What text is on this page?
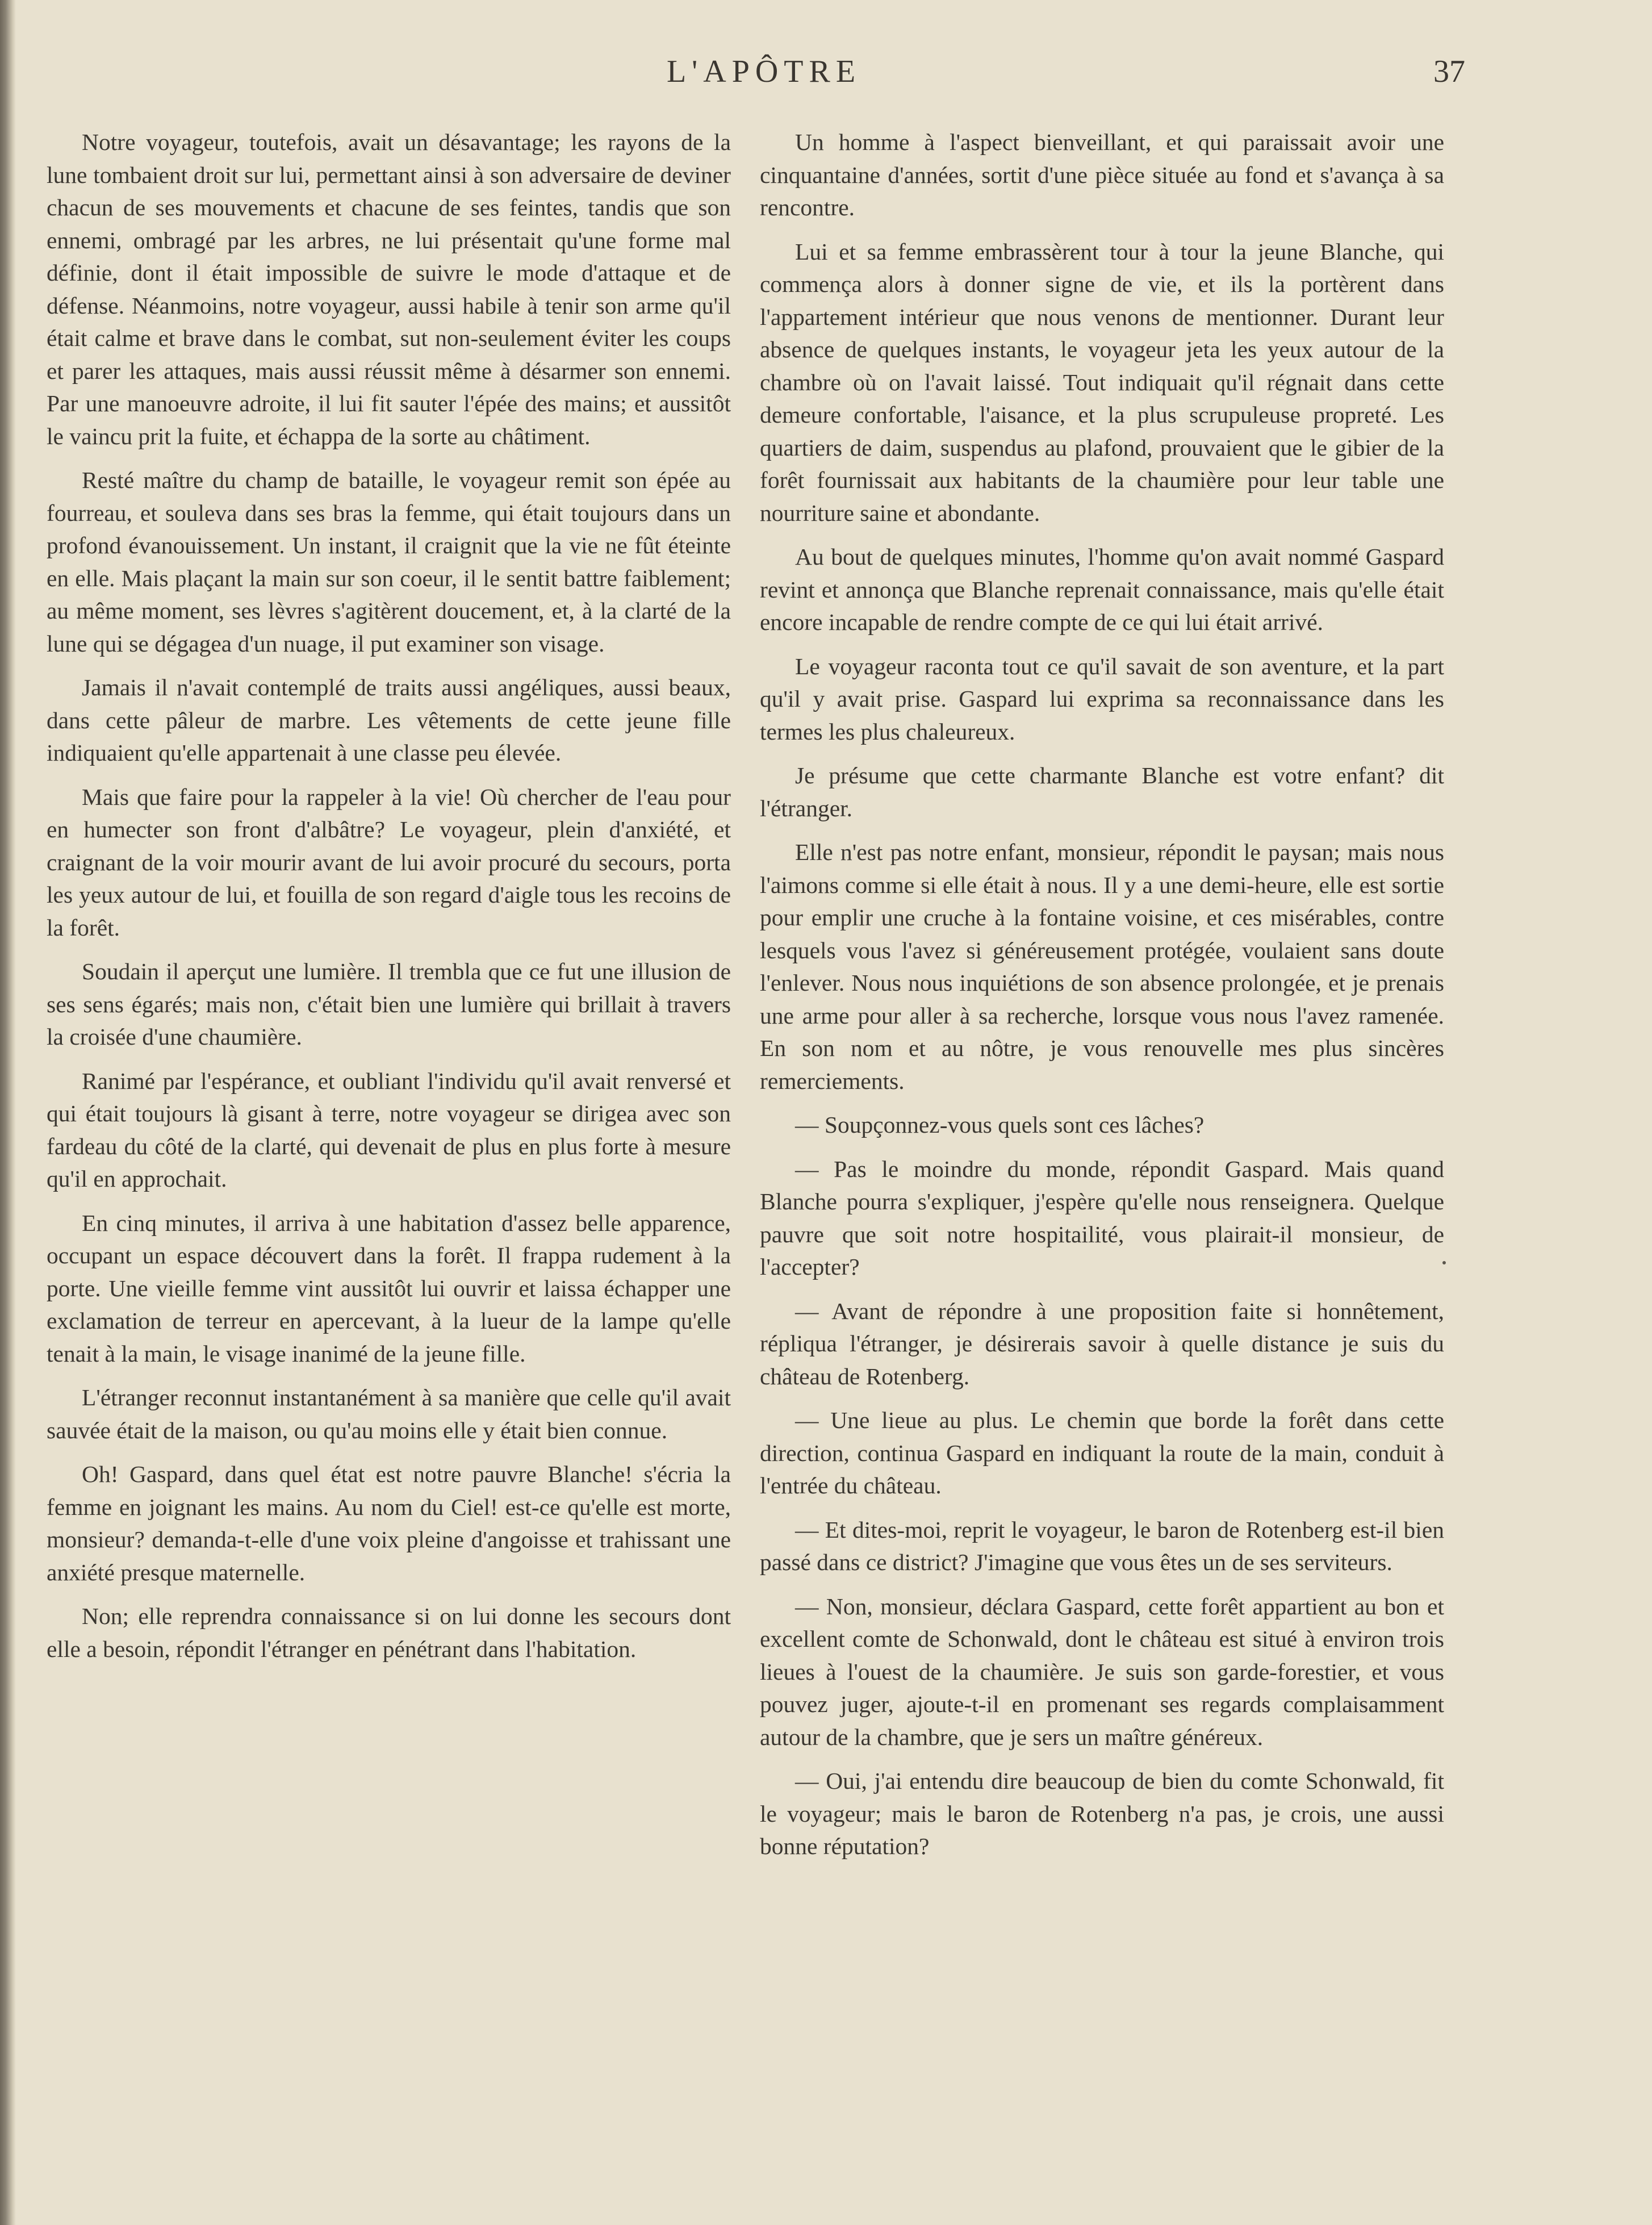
L'APÔTRE	37

Notre voyageur, toutefois, avait un désavantage; les rayons de la lune tombaient droit sur lui, permettant ainsi à son adversaire de deviner chacun de ses mouvements et chacune de ses feintes, tandis que son ennemi, ombragé par les arbres, ne lui présentait qu'une forme mal définie, dont il était impossible de suivre le mode d'attaque et de défense. Néanmoins, notre voyageur, aussi habile à tenir son arme qu'il était calme et brave dans le combat, sut non-seulement éviter les coups et parer les attaques, mais aussi réussit même à désarmer son ennemi. Par une manoeuvre adroite, il lui fit sauter l'épée des mains; et aussitôt le vaincu prit la fuite, et échappa de la sorte au châtiment.

Resté maître du champ de bataille, le voyageur remit son épée au fourreau, et souleva dans ses bras la femme, qui était toujours dans un profond évanouissement. Un instant, il craignit que la vie ne fût éteinte en elle. Mais plaçant la main sur son coeur, il le sentit battre faiblement; au même moment, ses lèvres s'agitèrent doucement, et, à la clarté de la lune qui se dégagea d'un nuage, il put examiner son visage.

Jamais il n'avait contemplé de traits aussi angéliques, aussi beaux, dans cette pâleur de marbre. Les vêtements de cette jeune fille indiquaient qu'elle appartenait à une classe peu élevée.

Mais que faire pour la rappeler à la vie! Où chercher de l'eau pour en humecter son front d'albâtre? Le voyageur, plein d'anxiété, et craignant de la voir mourir avant de lui avoir procuré du secours, porta les yeux autour de lui, et fouilla de son regard d'aigle tous les recoins de la forêt.

Soudain il aperçut une lumière. Il trembla que ce fut une illusion de ses sens égarés; mais non, c'était bien une lumière qui brillait à travers la croisée d'une chaumière.

Ranimé par l'espérance, et oubliant l'individu qu'il avait renversé et qui était toujours là gisant à terre, notre voyageur se dirigea avec son fardeau du côté de la clarté, qui devenait de plus en plus forte à mesure qu'il en approchait.

En cinq minutes, il arriva à une habitation d'assez belle apparence, occupant un espace découvert dans la forêt. Il frappa rudement à la porte. Une vieille femme vint aussitôt lui ouvrir et laissa échapper une exclamation de terreur en apercevant, à la lueur de la lampe qu'elle tenait à la main, le visage inanimé de la jeune fille.

L'étranger reconnut instantanément à sa manière que celle qu'il avait sauvée était de la maison, ou qu'au moins elle y était bien connue.

Oh! Gaspard, dans quel état est notre pauvre Blanche! s'écria la femme en joignant les mains. Au nom du Ciel! est-ce qu'elle est morte, monsieur? demanda-t-elle d'une voix pleine d'angoisse et trahissant une anxiété presque maternelle.

Non; elle reprendra connaissance si on lui donne les secours dont elle a besoin, répondit l'étranger en pénétrant dans l'habitation.

Un homme à l'aspect bienveillant, et qui paraissait avoir une cinquantaine d'années, sortit d'une pièce située au fond et s'avança à sa rencontre.

Lui et sa femme embrassèrent tour à tour la jeune Blanche, qui commença alors à donner signe de vie, et ils la portèrent dans l'appartement intérieur que nous venons de mentionner. Durant leur absence de quelques instants, le voyageur jeta les yeux autour de la chambre où on l'avait laissé. Tout indiquait qu'il régnait dans cette demeure confortable, l'aisance, et la plus scrupuleuse propreté. Les quartiers de daim, suspendus au plafond, prouvaient que le gibier de la forêt fournissait aux habitants de la chaumière pour leur table une nourriture saine et abondante.

Au bout de quelques minutes, l'homme qu'on avait nommé Gaspard revint et annonça que Blanche reprenait connaissance, mais qu'elle était encore incapable de rendre compte de ce qui lui était arrivé.

Le voyageur raconta tout ce qu'il savait de son aventure, et la part qu'il y avait prise. Gaspard lui exprima sa reconnaissance dans les termes les plus chaleureux.

Je présume que cette charmante Blanche est votre enfant? dit l'étranger.

Elle n'est pas notre enfant, monsieur, répondit le paysan; mais nous l'aimons comme si elle était à nous. Il y a une demi-heure, elle est sortie pour emplir une cruche à la fontaine voisine, et ces misérables, contre lesquels vous l'avez si généreusement protégée, voulaient sans doute l'enlever. Nous nous inquiétions de son absence prolongée, et je prenais une arme pour aller à sa recherche, lorsque vous nous l'avez ramenée. En son nom et au nôtre, je vous renouvelle mes plus sincères remerciements.

— Soupçonnez-vous quels sont ces lâches?

— Pas le moindre du monde, répondit Gaspard. Mais quand Blanche pourra s'expliquer, j'espère qu'elle nous renseignera. Quelque pauvre que soit notre hospitailité, vous plairait-il monsieur, de l'accepter?

— Avant de répondre à une proposition faite si honnêtement, répliqua l'étranger, je désirerais savoir à quelle distance je suis du château de Rotenberg.

— Une lieue au plus. Le chemin que borde la forêt dans cette direction, continua Gaspard en indiquant la route de la main, conduit à l'entrée du château.

— Et dites-moi, reprit le voyageur, le baron de Rotenberg est-il bien passé dans ce district? J'imagine que vous êtes un de ses serviteurs.

— Non, monsieur, déclara Gaspard, cette forêt appartient au bon et excellent comte de Schonwald, dont le château est situé à environ trois lieues à l'ouest de la chaumière. Je suis son garde-forestier, et vous pouvez juger, ajoute-t-il en promenant ses regards complaisamment autour de la chambre, que je sers un maître généreux.

— Oui, j'ai entendu dire beaucoup de bien du comte Schonwald, fit le voyageur; mais le baron de Rotenberg n'a pas, je crois, une aussi bonne réputation?
